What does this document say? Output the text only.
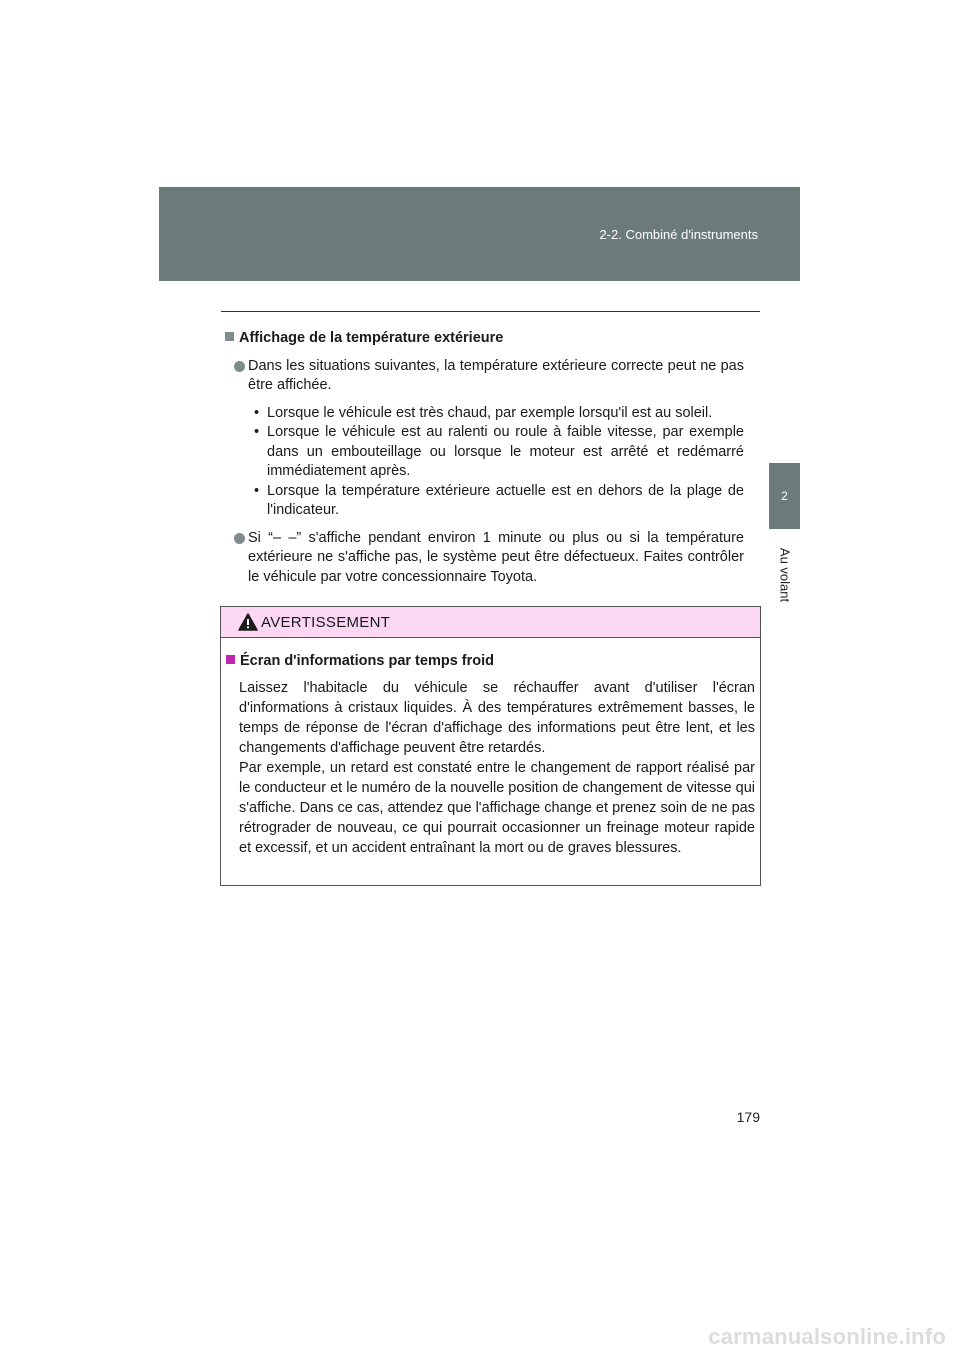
2-2. Combiné d'instruments
2
Au volant

Affichage de la température extérieure

Dans les situations suivantes, la température extérieure correcte peut ne pas être affichée.

• Lorsque le véhicule est très chaud, par exemple lorsqu'il est au soleil.

• Lorsque le véhicule est au ralenti ou roule à faible vitesse, par exemple dans un embouteillage ou lorsque le moteur est arrêté et redémarré immédiatement après.

• Lorsque la température extérieure actuelle est en dehors de la plage de l'indicateur.

Si “– –” s'affiche pendant environ 1 minute ou plus ou si la température extérieure ne s'affiche pas, le système peut être défectueux. Faites contrôler le véhicule par votre concessionnaire Toyota.

AVERTISSEMENT

Écran d'informations par temps froid

Laissez l'habitacle du véhicule se réchauffer avant d'utiliser l'écran d'informations à cristaux liquides. À des températures extrêmement basses, le temps de réponse de l'écran d'affichage des informations peut être lent, et les changements d'affichage peuvent être retardés.

Par exemple, un retard est constaté entre le changement de rapport réalisé par le conducteur et le numéro de la nouvelle position de changement de vitesse qui s'affiche. Dans ce cas, attendez que l'affichage change et prenez soin de ne pas rétrograder de nouveau, ce qui pourrait occasionner un freinage moteur rapide et excessif, et un accident entraînant la mort ou de graves blessures.

179
carmanualsonline.info
